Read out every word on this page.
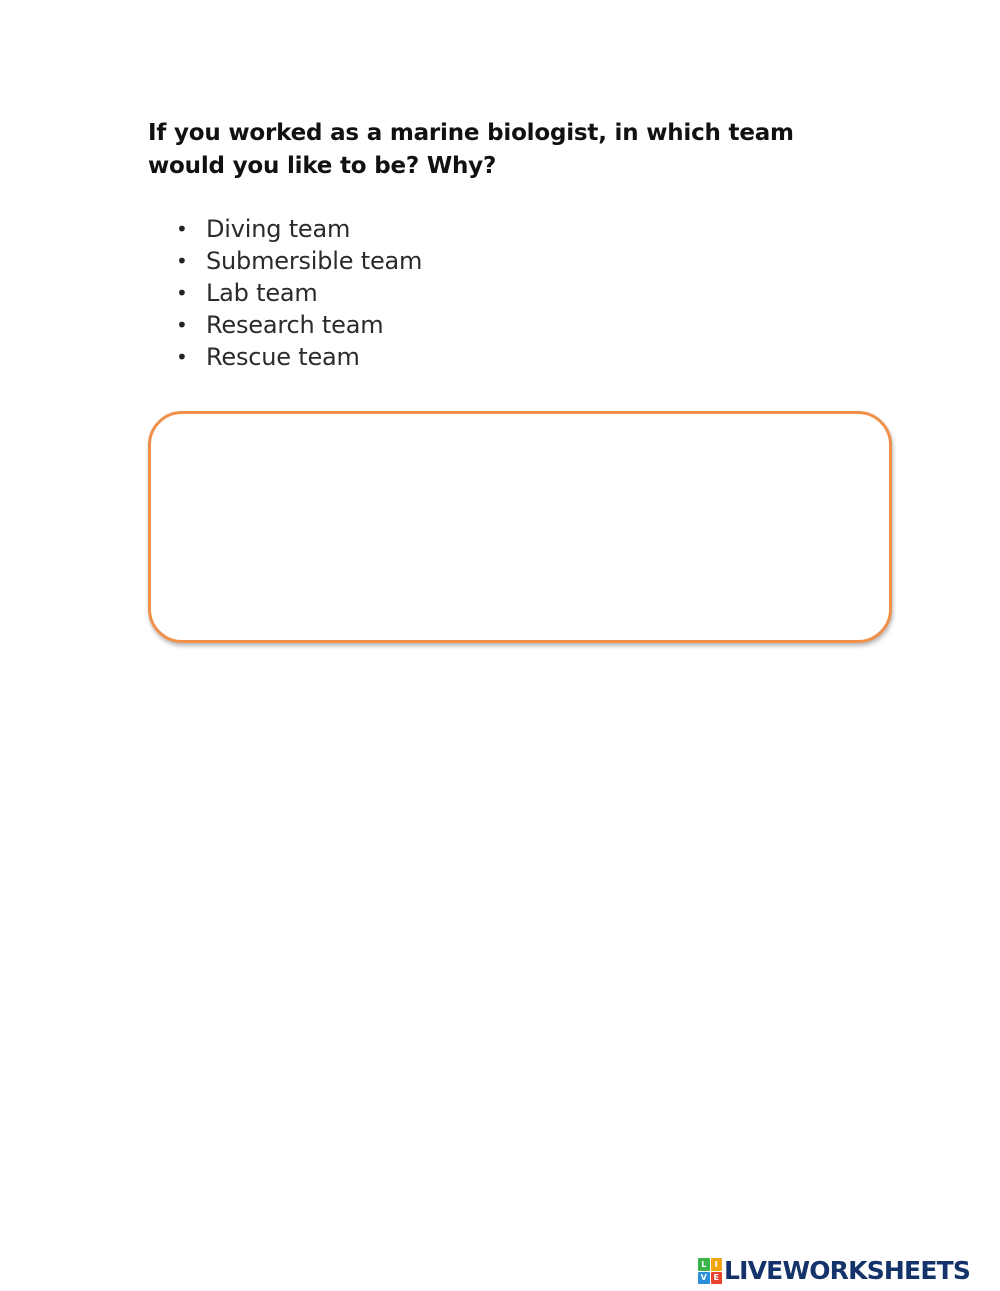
If you worked as a marine biologist, in which team would you like to be? Why?

• Diving team
• Submersible team
• Lab team
• Research team
• Rescue team
L	I
V E LIVEWORKSHEETS
